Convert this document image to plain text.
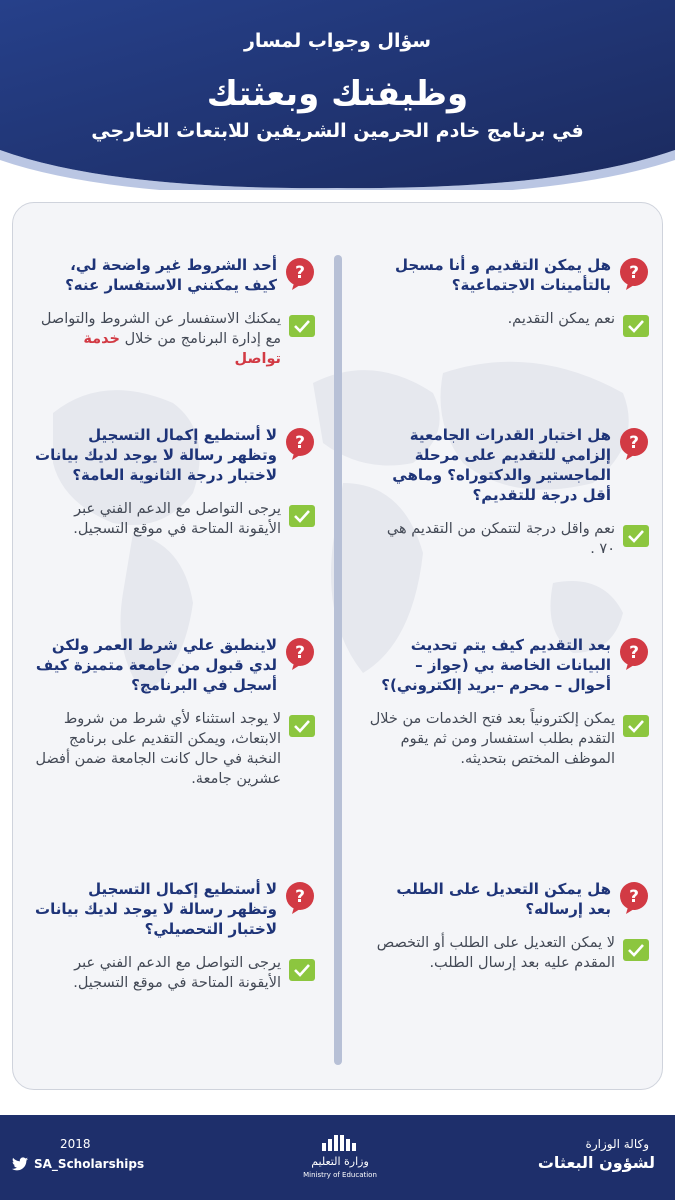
سؤال وجواب لمسار
وظيفتك وبعثتك
في برنامج خادم الحرمين الشريفين للابتعاث الخارجي
?
هل يمكن التقديم و أنا مسجل بالتأمينات الاجتماعية؟
نعم يمكن التقديم.
?
هل اختبار القدرات الجامعية إلزامي للتقديم على مرحلة الماجستير والدكتوراه؟ وماهي أقل درجة للتقديم؟
نعم واقل درجة لتتمكن من التقديم هي ٧٠ .
?
بعد التقديم كيف يتم تحديث البيانات الخاصة بي (جواز – أحوال – محرم –بريد إلكتروني)؟
يمكن إلكترونياً بعد فتح الخدمات من خلال التقدم بطلب استفسار ومن ثم يقوم الموظف المختص بتحديثه.
?
هل يمكن التعديل على الطلب بعد إرساله؟
لا يمكن التعديل على الطلب أو التخصص المقدم عليه بعد إرسال الطلب.
?
أحد الشروط غير واضحة لي، كيف يمكنني الاستفسار عنه؟
يمكنك الاستفسار عن الشروط والتواصل مع إدارة البرنامج من خلال خدمة تواصل
?
لا أستطيع إكمال التسجيل وتظهر رسالة لا يوجد لديك بيانات لاختبار درجة الثانوية العامة؟
يرجى التواصل مع الدعم الفني عبر الأيقونة المتاحة في موقع التسجيل.
?
لاينطبق علي شرط العمر ولكن لدي قبول من جامعة متميزة كيف أسجل في البرنامج؟
لا يوجد استثناء لأي شرط من شروط الابتعاث، ويمكن التقديم على برنامج النخبة في حال كانت الجامعة ضمن أفضل عشرين جامعة.
?
لا أستطيع إكمال التسجيل وتظهر رسالة لا يوجد لديك بيانات لاختبار التحصيلي؟
يرجى التواصل مع الدعم الفني عبر الأيقونة المتاحة في موقع التسجيل.
وكالة الوزارة
لشؤون البعثات
وزارة التعليم
Ministry of Education
2018
SA_Scholarships
